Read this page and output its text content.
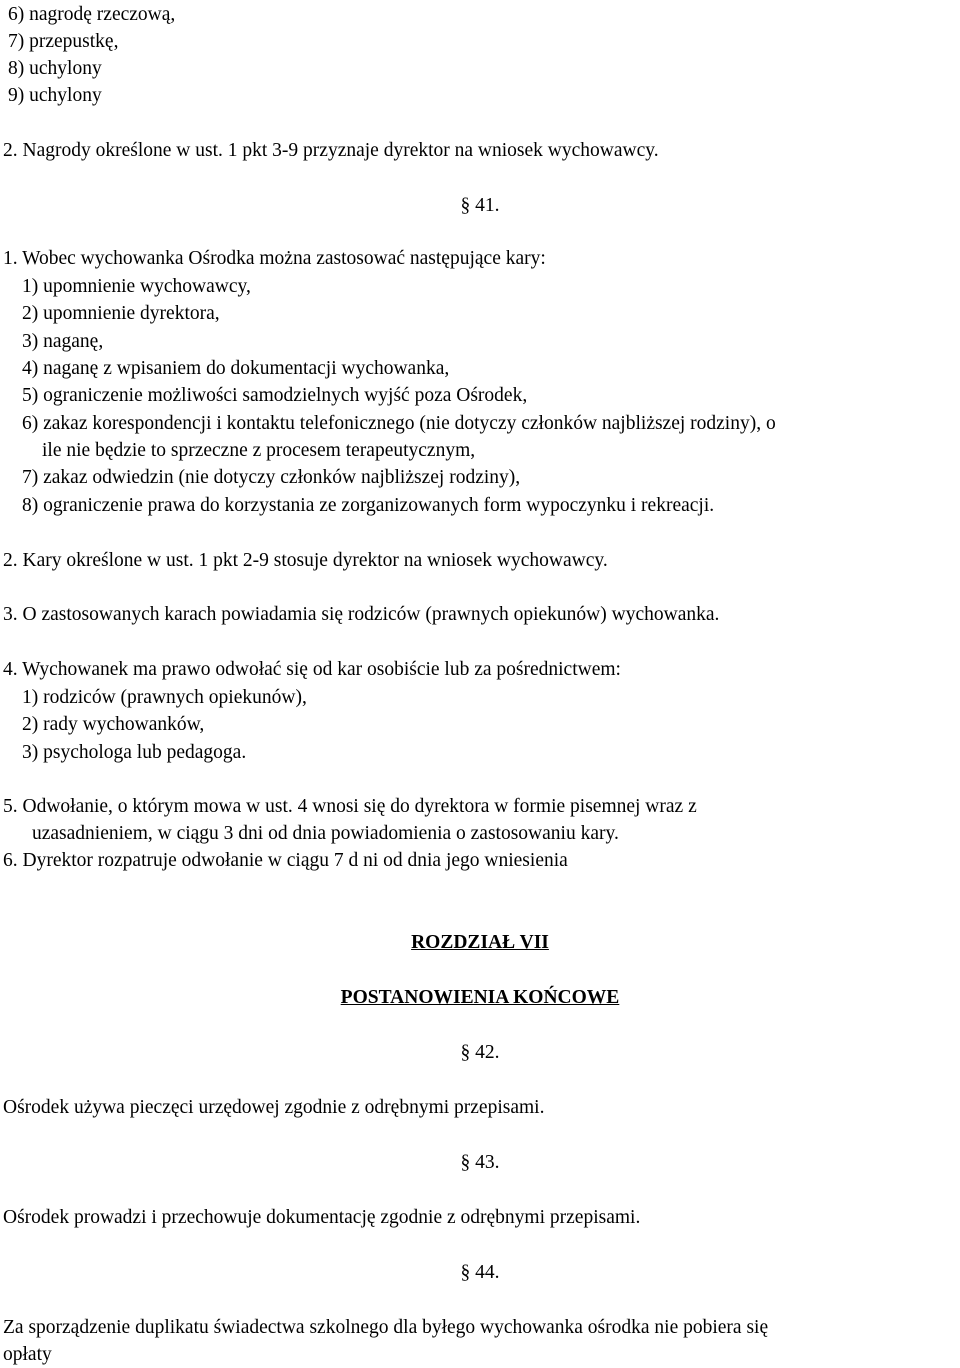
6) nagrodę rzeczową,
7) przepustkę,
8) uchylony
9) uchylony
2. Nagrody określone w ust. 1 pkt 3-9 przyznaje dyrektor na wniosek wychowawcy.
§ 41.
1. Wobec wychowanka Ośrodka można zastosować następujące kary:
1) upomnienie wychowawcy,
2) upomnienie dyrektora,
3) naganę,
4) naganę z wpisaniem do dokumentacji wychowanka,
5) ograniczenie możliwości samodzielnych wyjść poza Ośrodek,
6) zakaz korespondencji i kontaktu telefonicznego (nie dotyczy członków najbliższej rodziny), o
ile nie będzie to sprzeczne z procesem terapeutycznym,
7) zakaz odwiedzin (nie dotyczy członków najbliższej rodziny),
8) ograniczenie prawa do korzystania ze zorganizowanych form wypoczynku i rekreacji.
2. Kary określone w ust. 1 pkt 2-9 stosuje dyrektor na wniosek wychowawcy.
3. O zastosowanych karach powiadamia się rodziców (prawnych opiekunów) wychowanka.
4. Wychowanek ma prawo odwołać się od kar osobiście lub za pośrednictwem:
1) rodziców (prawnych opiekunów),
2) rady wychowanków,
3) psychologa lub pedagoga.
5. Odwołanie, o którym mowa w ust. 4 wnosi się do dyrektora w formie pisemnej wraz z
uzasadnieniem, w ciągu 3 dni od dnia powiadomienia o zastosowaniu kary.
6. Dyrektor rozpatruje odwołanie w ciągu 7 d ni od dnia jego wniesienia
ROZDZIAŁ VII
POSTANOWIENIA KOŃCOWE
§ 42.
Ośrodek używa pieczęci urzędowej zgodnie z odrębnymi przepisami.
§ 43.
Ośrodek prowadzi i przechowuje dokumentację zgodnie z odrębnymi przepisami.
§ 44.
Za sporządzenie duplikatu świadectwa szkolnego dla byłego wychowanka ośrodka nie pobiera się
opłaty
